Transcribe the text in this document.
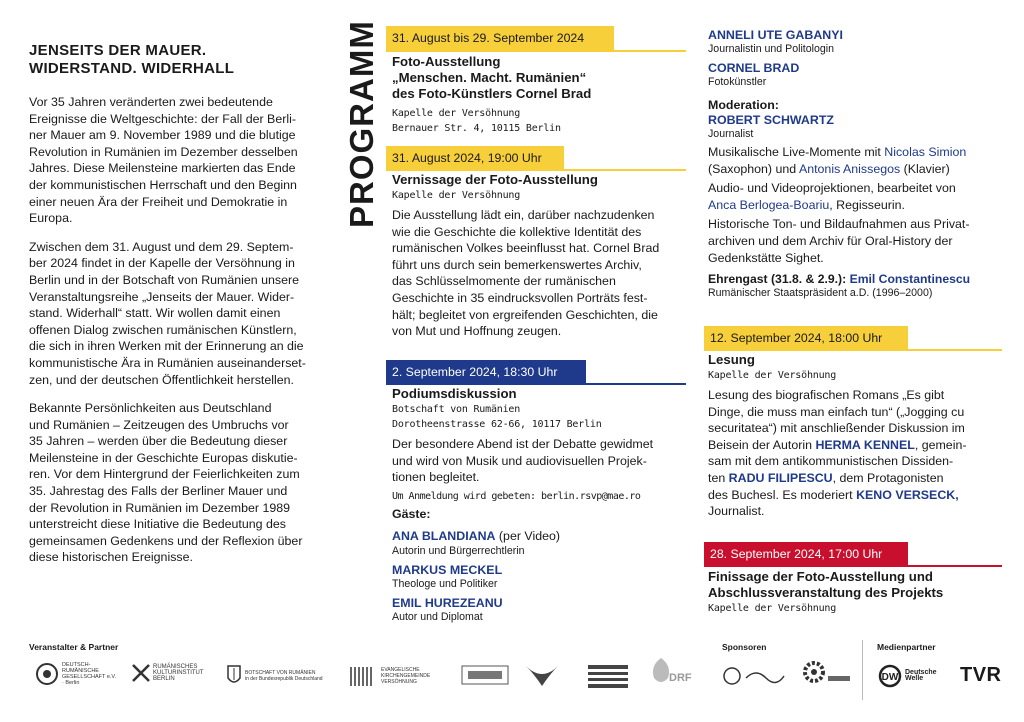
JENSEITS DER MAUER.
WIDERSTAND. WIDERHALL
Vor 35 Jahren veränderten zwei bedeutende
Ereignisse die Weltgeschichte: der Fall der Berli-
ner Mauer am 9. November 1989 und die blutige
Revolution in Rumänien im Dezember desselben
Jahres. Diese Meilensteine markierten das Ende
der kommunistischen Herrschaft und den Beginn
einer neuen Ära der Freiheit und Demokratie in
Europa.
Zwischen dem 31. August und dem 29. Septem-
ber 2024 findet in der Kapelle der Versöhnung in
Berlin und in der Botschaft von Rumänien unsere
Veranstaltungsreihe „Jenseits der Mauer. Wider-
stand. Widerhall“ statt. Wir wollen damit einen
offenen Dialog zwischen rumänischen Künstlern,
die sich in ihren Werken mit der Erinnerung an die
kommunistische Ära in Rumänien auseinanderset-
zen, und der deutschen Öffentlichkeit herstellen.
Bekannte Persönlichkeiten aus Deutschland
und Rumänien – Zeitzeugen des Umbruchs vor
35 Jahren – werden über die Bedeutung dieser
Meilensteine in der Geschichte Europas diskutie-
ren. Vor dem Hintergrund der Feierlichkeiten zum
35. Jahrestag des Falls der Berliner Mauer und
der Revolution in Rumänien im Dezember 1989
unterstreicht diese Initiative die Bedeutung des
gemeinsamen Gedenkens und der Reflexion über
diese historischen Ereignisse.
PROGRAMM 31. August bis 29. September 2024
Foto-Ausstellung
„Menschen. Macht. Rumänien“
des Foto-Künstlers Cornel Brad
Kapelle der Versöhnung
Bernauer Str. 4, 10115 Berlin
31. August 2024, 19:00 Uhr
Vernissage der Foto-Ausstellung
Kapelle der Versöhnung
Die Ausstellung lädt ein, darüber nachzudenken
wie die Geschichte die kollektive Identität des
rumänischen Volkes beeinflusst hat. Cornel Brad
führt uns durch sein bemerkenswertes Archiv,
das Schlüsselmomente der rumänischen
Geschichte in 35 eindrucksvollen Porträts fest-
hält; begleitet von ergreifenden Geschichten, die
von Mut und Hoffnung zeugen.
2. September 2024, 18:30 Uhr
Podiumsdiskussion
Botschaft von Rumänien
Dorotheenstrasse 62-66, 10117 Berlin
Der besondere Abend ist der Debatte gewidmet
und wird von Musik und audiovisuellen Projek-
tionen begleitet.
Um Anmeldung wird gebeten: berlin.rsvp@mae.ro
Gäste:
ANA BLANDIANA (per Video)
Autorin und Bürgerrechtlerin
MARKUS MECKEL
Theologe und Politiker
EMIL HUREZEANU
Autor und Diplomat
ANNELI UTE GABANYI
Journalistin und Politologin
CORNEL BRAD
Fotokünstler
Moderation:
ROBERT SCHWARTZ
Journalist
Musikalische Live-Momente mit Nicolas Simion
(Saxophon) und Antonis Anissegos (Klavier)
Audio- und Videoprojektionen, bearbeitet von
Anca Berlogea-Boariu, Regisseurin.
Historische Ton- und Bildaufnahmen aus Privat-
archiven und dem Archiv für Oral-History der
Gedenkstätte Sighet.
Ehrengast (31.8. & 2.9.): Emil Constantinescu
Rumänischer Staatspräsident a.D. (1996–2000)
12. September 2024, 18:00 Uhr
Lesung
Kapelle der Versöhnung
Lesung des biografischen Romans „Es gibt
Dinge, die muss man einfach tun“ („Jogging cu
securitatea“) mit anschließender Diskussion im
Beisein der Autorin HERMA KENNEL, gemein-
sam mit dem antikommunistischen Dissiden-
ten RADU FILIPESCU, dem Protagonisten
des Buchesl. Es moderiert KENO VERSECK,
Journalist.
28. September 2024, 17:00 Uhr
Finissage der Foto-Ausstellung und
Abschlussveranstaltung des Projekts
Kapelle der Versöhnung
Veranstalter & Partner	Sponsoren	Medienpartner
DEUTSCH-RUMÄNISCHE GESELLSCHAFT e.V. · Berlin
RUMÄNISCHES
KULTURINSTITUT
BERLIN
BOTSCHAFT VON RUMÄNIEN
in der Bundesrepublik Deutschland
EVANGELISCHE
KIRCHENGEMEINDE
VERSÖHNUNG	DRF	DW Deutsche
Welle	TVR
